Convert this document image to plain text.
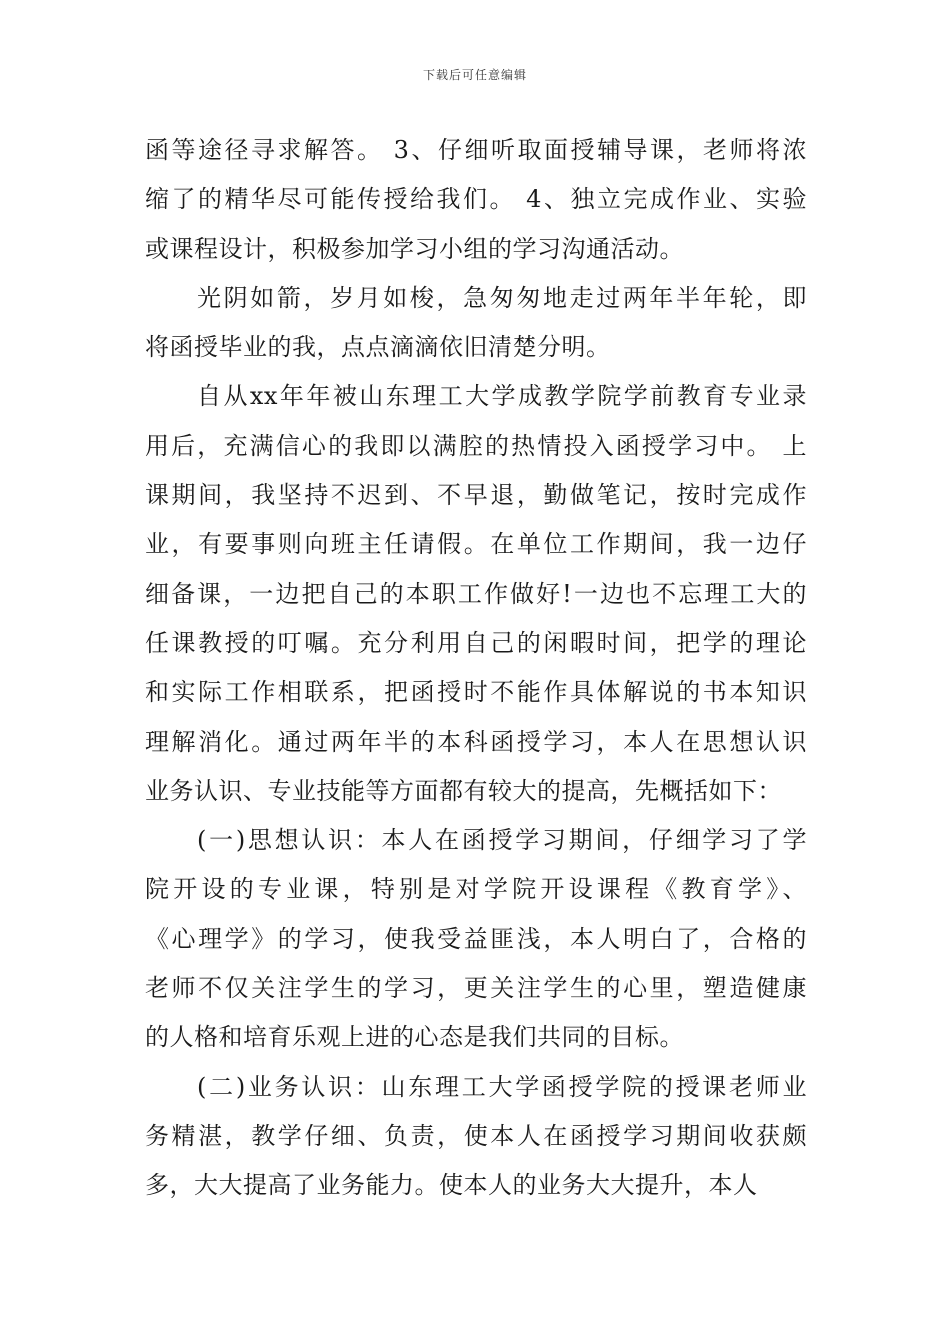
下载后可任意编辑
函等途径寻求解答。 3、仔细听取面授辅导课，老师将浓
缩了的精华尽可能传授给我们。 4、独立完成作业、实验
或课程设计，积极参加学习小组的学习沟通活动。
光阴如箭，岁月如梭，急匆匆地走过两年半年轮，即
将函授毕业的我，点点滴滴依旧清楚分明。
自从xx年年被山东理工大学成教学院学前教育专业录
用后，充满信心的我即以满腔的热情投入函授学习中。 上
课期间，我坚持不迟到、不早退，勤做笔记，按时完成作
业，有要事则向班主任请假。在单位工作期间，我一边仔
细备课，一边把自己的本职工作做好!一边也不忘理工大的
任课教授的叮嘱。充分利用自己的闲暇时间，把学的理论
和实际工作相联系，把函授时不能作具体解说的书本知识
理解消化。通过两年半的本科函授学习，本人在思想认识
业务认识、专业技能等方面都有较大的提高，先概括如下：
(一)思想认识：本人在函授学习期间，仔细学习了学
院开设的专业课，特别是对学院开设课程《教育学》、
《心理学》的学习，使我受益匪浅，本人明白了，合格的
老师不仅关注学生的学习，更关注学生的心里，塑造健康
的人格和培育乐观上进的心态是我们共同的目标。
(二)业务认识：山东理工大学函授学院的授课老师业
务精湛，教学仔细、负责，使本人在函授学习期间收获颇
多，大大提高了业务能力。使本人的业务大大提升，本人
